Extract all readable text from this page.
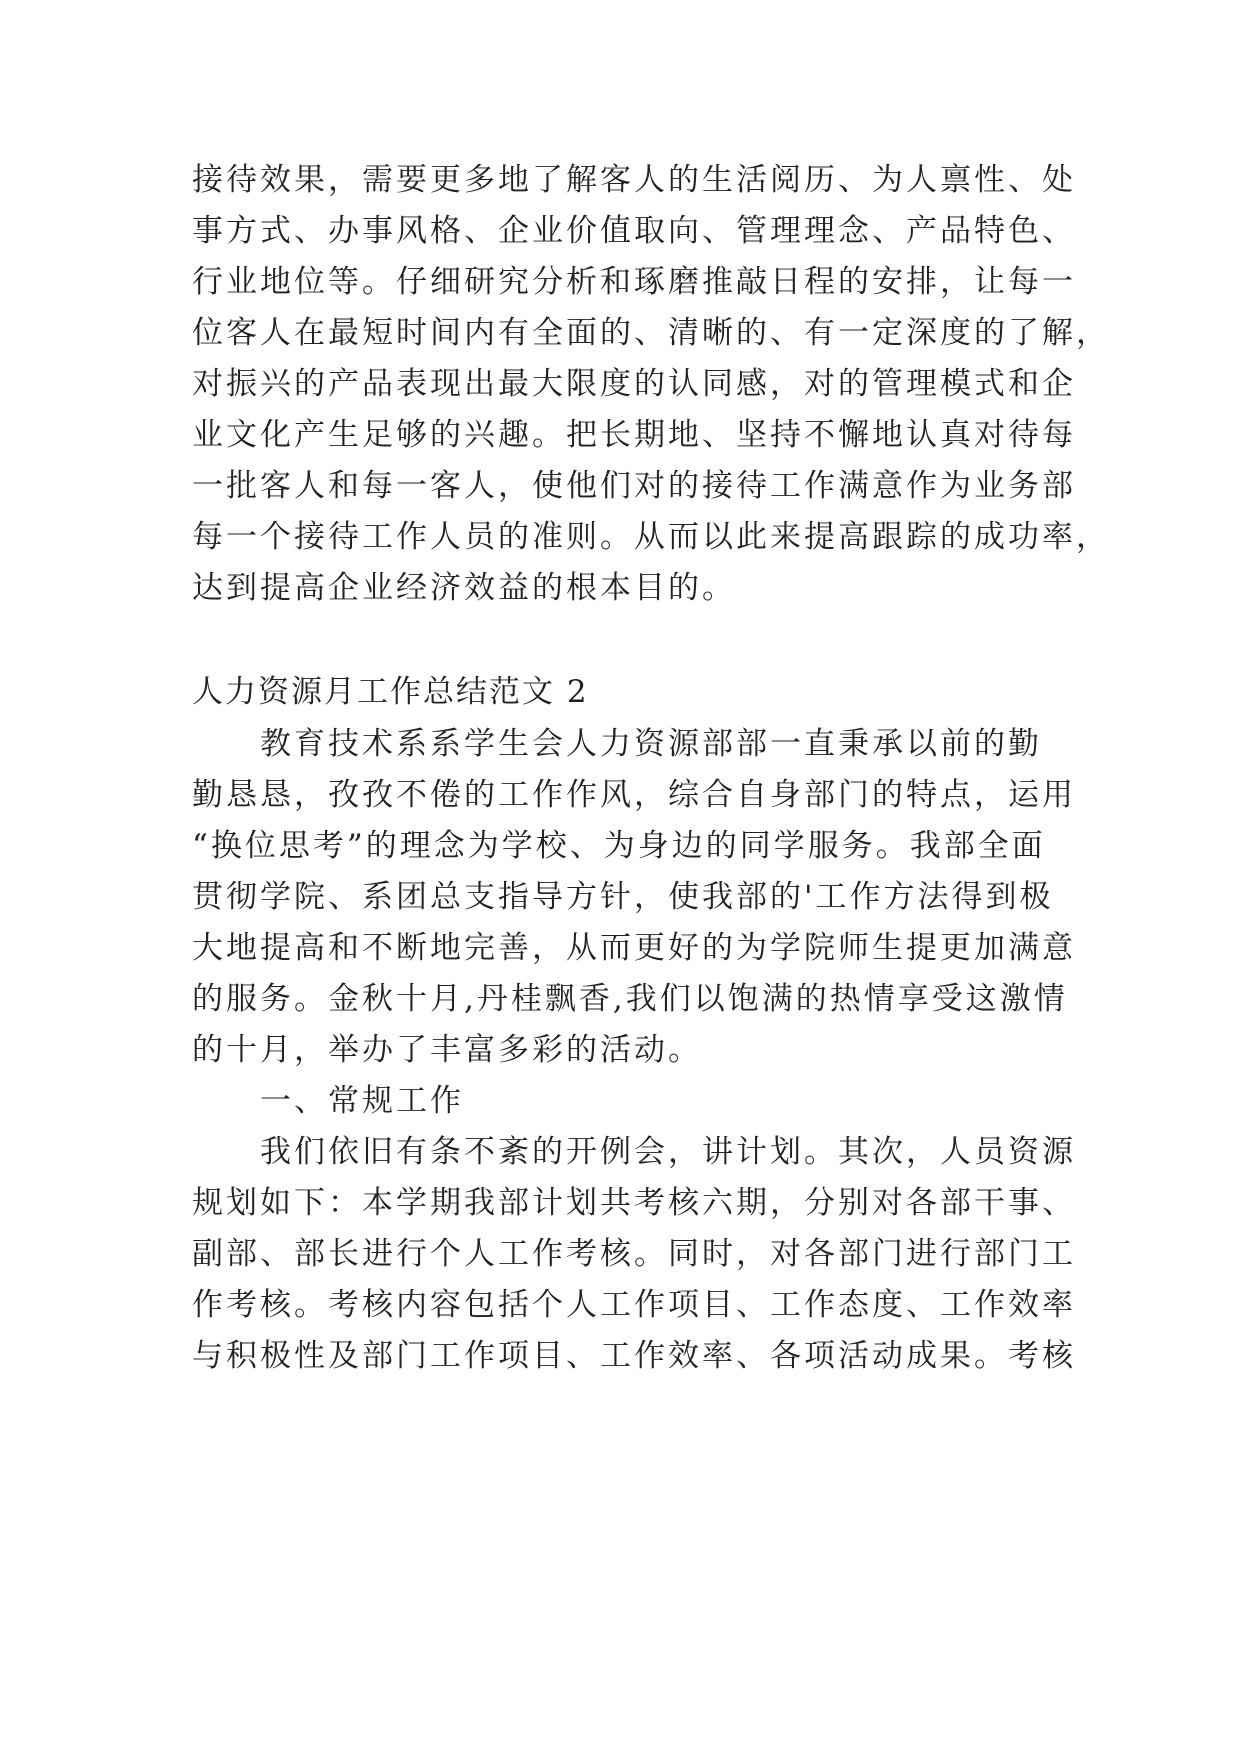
接待效果，需要更多地了解客人的生活阅历、为人禀性、处
事方式、办事风格、企业价值取向、管理理念、产品特色、
行业地位等。仔细研究分析和琢磨推敲日程的安排，让每一
位客人在最短时间内有全面的、清晰的、有一定深度的了解，
对振兴的产品表现出最大限度的认同感，对的管理模式和企
业文化产生足够的兴趣。把长期地、坚持不懈地认真对待每
一批客人和每一客人，使他们对的接待工作满意作为业务部
每一个接待工作人员的准则。从而以此来提高跟踪的成功率，
达到提高企业经济效益的根本目的。
人力资源月工作总结范文 2
教育技术系系学生会人力资源部部一直秉承以前的勤
勤恳恳，孜孜不倦的工作作风，综合自身部门的特点，运用
“换位思考”的理念为学校、为身边的同学服务。我部全面
贯彻学院、系团总支指导方针，使我部的'工作方法得到极
大地提高和不断地完善，从而更好的为学院师生提更加满意
的服务。金秋十月,丹桂飘香,我们以饱满的热情享受这激情
的十月，举办了丰富多彩的活动。
一、常规工作
我们依旧有条不紊的开例会，讲计划。其次，人员资源
规划如下：本学期我部计划共考核六期，分别对各部干事、
副部、部长进行个人工作考核。同时，对各部门进行部门工
作考核。考核内容包括个人工作项目、工作态度、工作效率
与积极性及部门工作项目、工作效率、各项活动成果。考核
